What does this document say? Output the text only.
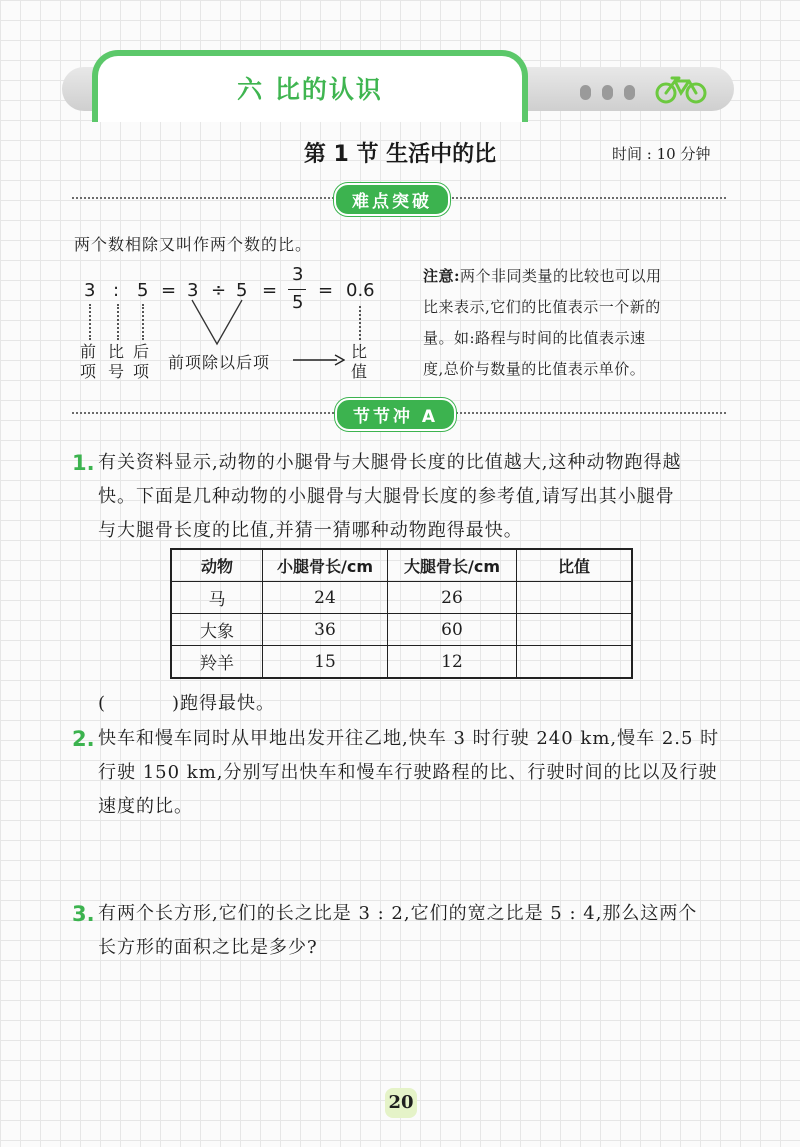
六 比的认识
第 1 节 生活中的比	时间 : 10 分钟
难点突破
两个数相除又叫作两个数的比。
3 : 5 = 3 ÷ 5 =
3
5
= 0.6
前
项
比
号
后
项 前项除以后项
比
值
注意:两个非同类量的比较也可以用
比来表示,它们的比值表示一个新的
量。如:路程与时间的比值表示速
度,总价与数量的比值表示单价。
节节冲 A
1. 有关资料显示,动物的小腿骨与大腿骨长度的比值越大,这种动物跑得越
快。下面是几种动物的小腿骨与大腿骨长度的参考值,请写出其小腿骨
与大腿骨长度的比值,并猜一猜哪种动物跑得最快。
动物	小腿骨长/cm	大腿骨长/cm	比值
马	24	26	
大象	36	60	
羚羊	15	12	
(	)跑得最快。
2. 快车和慢车同时从甲地出发开往乙地,快车 3 时行驶 240 km,慢车 2.5 时
行驶 150 km,分别写出快车和慢车行驶路程的比、行驶时间的比以及行驶
速度的比。
3. 有两个长方形,它们的长之比是 3 : 2,它们的宽之比是 5 : 4,那么这两个
长方形的面积之比是多少?
20
